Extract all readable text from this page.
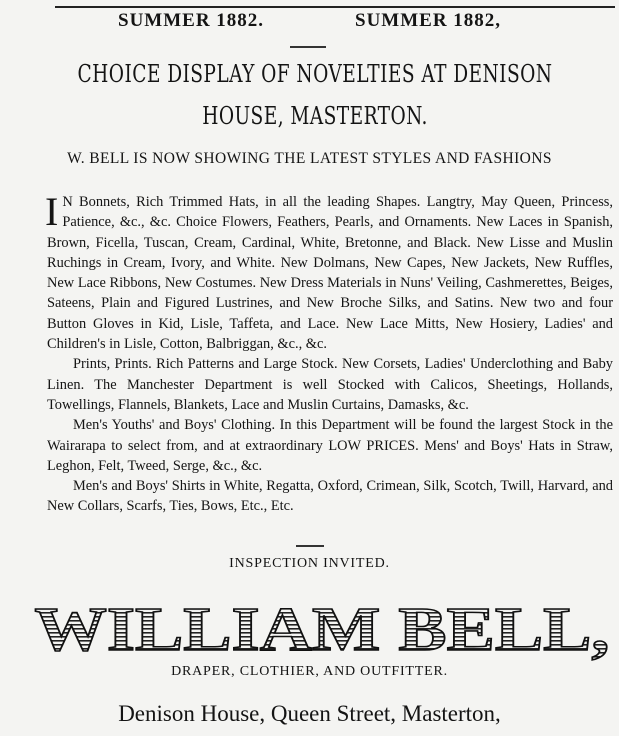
SUMMER 1882.	SUMMER 1882,
CHOICE DISPLAY OF NOVELTIES AT DENISON
HOUSE, MASTERTON.
W. BELL IS NOW SHOWING THE LATEST STYLES AND FASHIONS

I N Bonnets, Rich Trimmed Hats, in all the leading Shapes. Langtry, May Queen, Princess, Patience, &c., &c. Choice Flowers, Feathers, Pearls, and Ornaments. New Laces in Spanish, Brown, Ficella, Tuscan, Cream, Cardinal, White, Bretonne, and Black. New Lisse and Muslin Ruchings in Cream, Ivory, and White. New Dolmans, New Capes, New Jackets, New Ruffles, New Lace Ribbons, New Costumes. New Dress Materials in Nuns' Veiling, Cashmerettes, Beiges, Sateens, Plain and Figured Lustrines, and New Broche Silks, and Satins. New two and four Button Gloves in Kid, Lisle, Taffeta, and Lace. New Lace Mitts, New Hosiery, Ladies' and Children's in Lisle, Cotton, Balbriggan, &c., &c.

Prints, Prints. Rich Patterns and Large Stock. New Corsets, Ladies' Underclothing and Baby Linen. The Manchester Department is well Stocked with Calicos, Sheetings, Hollands, Towellings, Flannels, Blankets, Lace and Muslin Curtains, Damasks, &c.

Men's Youths' and Boys' Clothing. In this Department will be found the largest Stock in the Wairarapa to select from, and at extraordinary LOW PRICES. Mens' and Boys' Hats in Straw, Leghon, Felt, Tweed, Serge, &c., &c.

Men's and Boys' Shirts in White, Regatta, Oxford, Crimean, Silk, Scotch, Twill, Harvard, and New Collars, Scarfs, Ties, Bows, Etc., Etc.

INSPECTION INVITED.
WILLIAM BELL,
DRAPER, CLOTHIER, AND OUTFITTER.
Denison House, Queen Street, Masterton,
